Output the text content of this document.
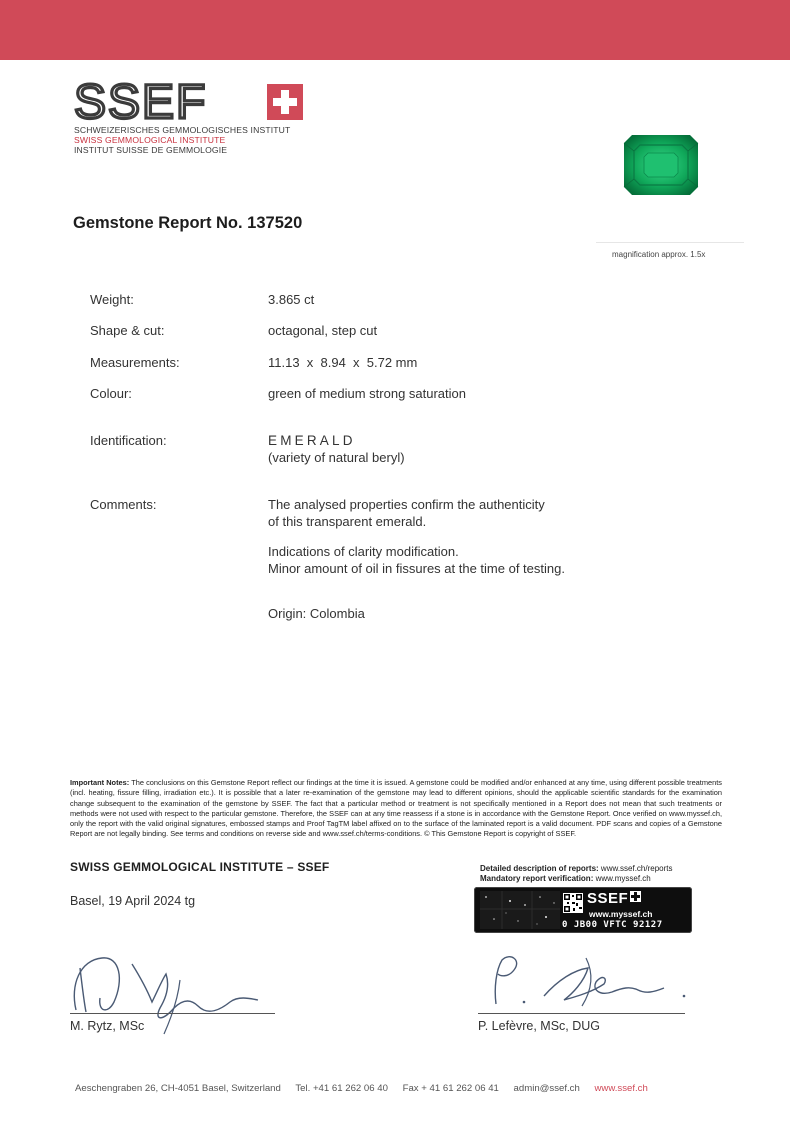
SSEF
SCHWEIZERISCHES GEMMOLOGISCHES INSTITUT
SWISS GEMMOLOGICAL INSTITUTE
INSTITUT SUISSE DE GEMMOLOGIE
magnification approx. 1.5x
Gemstone Report No. 137520
Weight:	3.865 ct
Shape & cut:	octagonal, step cut
Measurements:	11.13  x  8.94  x  5.72 mm
Colour:	green of medium strong saturation
Identification:	EMERALD
(variety of natural beryl)
Comments:	The analysed properties confirm the authenticity
of this transparent emerald.
Indications of clarity modification.
Minor amount of oil in fissures at the time of testing.
Origin: Colombia
Important Notes: The conclusions on this Gemstone Report reflect our findings at the time it is issued. A gemstone could be modified and/or enhanced at any time, using different possible treatments (incl. heating, fissure filling, irradiation etc.). It is possible that a later re-examination of the gemstone may lead to different opinions, should the applicable scientific standards for the examination change subsequent to the examination of the gemstone by SSEF. The fact that a particular method or treatment is not specifically mentioned in a Report does not mean that such treatments or methods were not used with respect to the particular gemstone. Therefore, the SSEF can at any time reassess if a stone is in accordance with the Gemstone Report. Once verified on www.myssef.ch, only the report with the valid original signatures, embossed stamps and Proof TagTM label affixed on to the surface of the laminated report is a valid document. PDF scans and copies of a Gemstone Report are not legally binding. See terms and conditions on reverse side and www.ssef.ch/terms-conditions. © This Gemstone Report is copyright of SSEF.
SWISS GEMMOLOGICAL INSTITUTE – SSEF
Basel, 19 April 2024 tg
Detailed description of reports: www.ssef.ch/reports
Mandatory report verification: www.myssef.ch
SSEF
www.myssef.ch
0 JB00 VFTC 92127
M. Rytz, MSc	P. Lefèvre, MSc, DUG
Aeschengraben 26, CH-4051 Basel, Switzerland Tel. +41 61 262 06 40 Fax + 41 61 262 06 41 admin@ssef.ch www.ssef.ch
